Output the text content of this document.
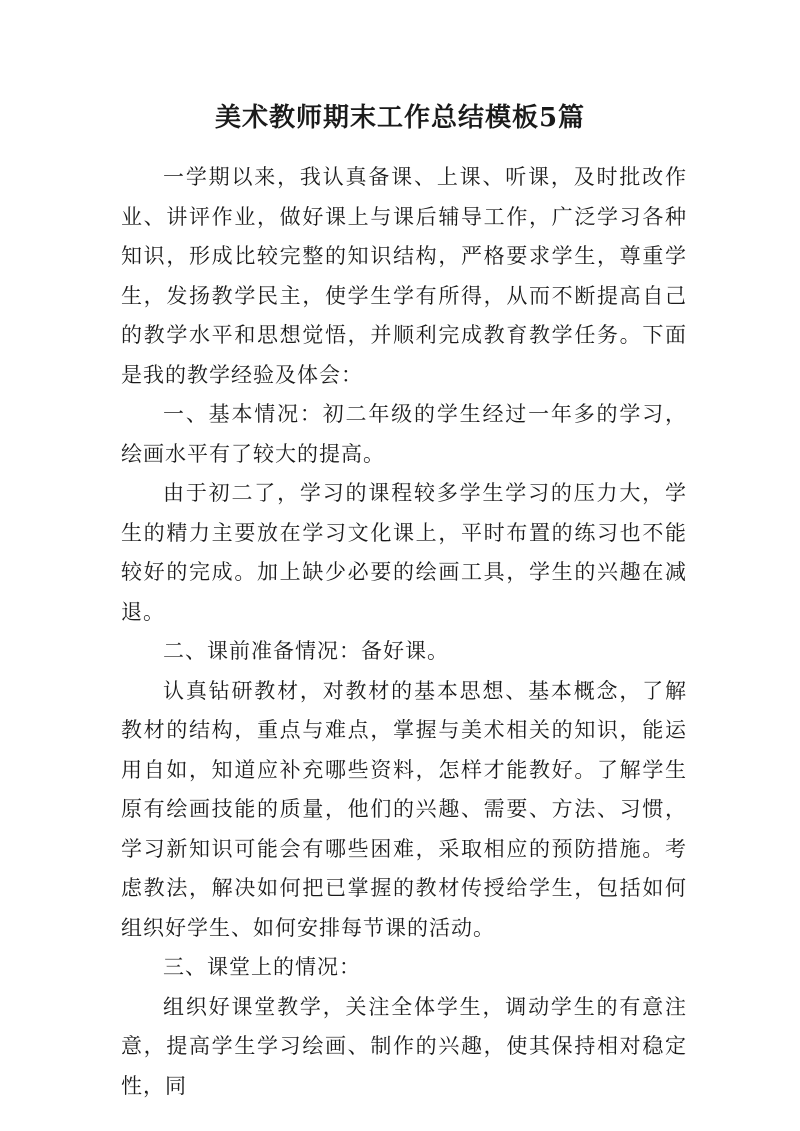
美术教师期末工作总结模板5篇

一学期以来，我认真备课、上课、听课，及时批改作业、讲评作业，做好课上与课后辅导工作，广泛学习各种知识，形成比较完整的知识结构，严格要求学生，尊重学生，发扬教学民主，使学生学有所得，从而不断提高自己的教学水平和思想觉悟，并顺利完成教育教学任务。下面是我的教学经验及体会：

一、基本情况：初二年级的学生经过一年多的学习，绘画水平有了较大的提高。

由于初二了，学习的课程较多学生学习的压力大，学生的精力主要放在学习文化课上，平时布置的练习也不能较好的完成。加上缺少必要的绘画工具，学生的兴趣在减退。

二、课前准备情况：备好课。

认真钻研教材，对教材的基本思想、基本概念，了解教材的结构，重点与难点，掌握与美术相关的知识，能运用自如，知道应补充哪些资料，怎样才能教好。了解学生原有绘画技能的质量，他们的兴趣、需要、方法、习惯，学习新知识可能会有哪些困难，采取相应的预防措施。考虑教法，解决如何把已掌握的教材传授给学生，包括如何组织好学生、如何安排每节课的活动。

三、课堂上的情况：

组织好课堂教学，关注全体学生，调动学生的有意注意，提高学生学习绘画、制作的兴趣，使其保持相对稳定性，同
